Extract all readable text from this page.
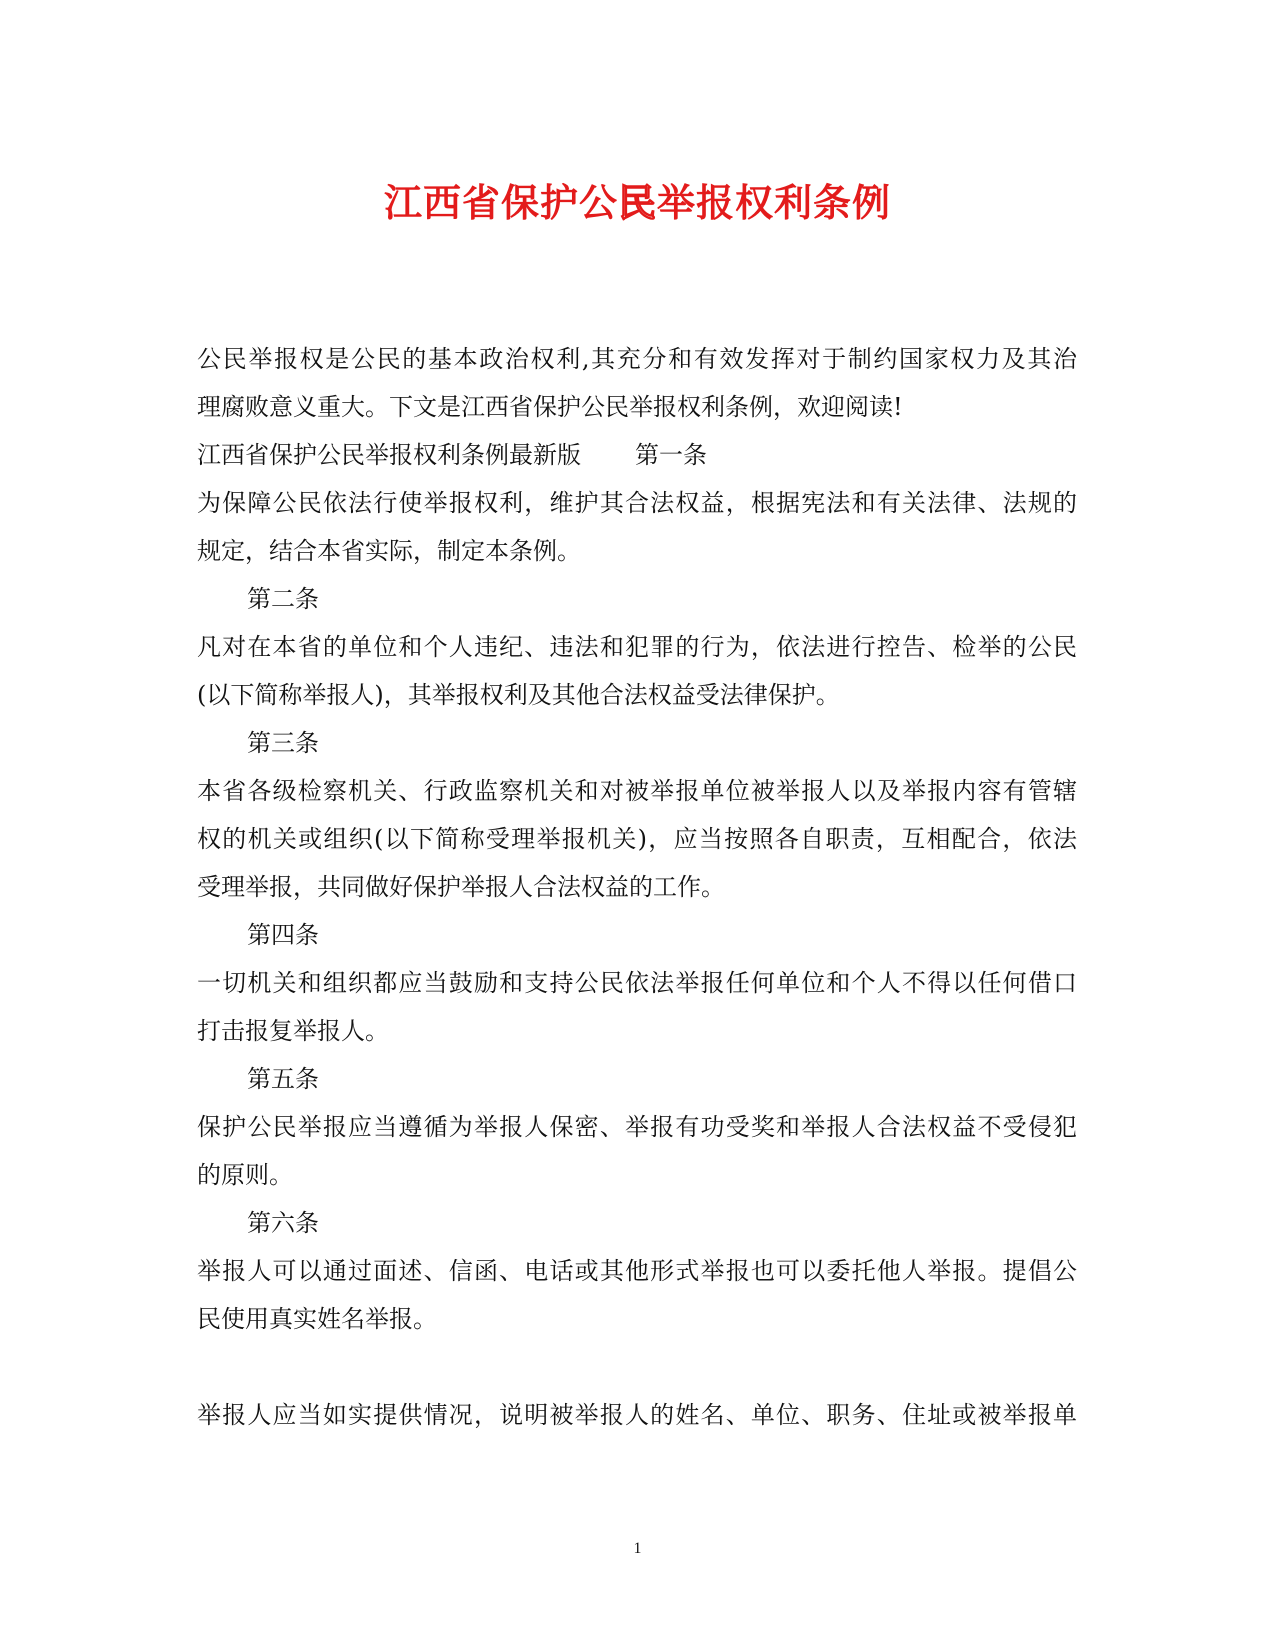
江西省保护公民举报权利条例
公民举报权是公民的基本政治权利,其充分和有效发挥对于制约国家权力及其治
理腐败意义重大。下文是江西省保护公民举报权利条例，欢迎阅读!
江西省保护公民举报权利条例最新版 第一条
为保障公民依法行使举报权利，维护其合法权益，根据宪法和有关法律、法规的
规定，结合本省实际，制定本条例。
第二条
凡对在本省的单位和个人违纪、违法和犯罪的行为，依法进行控告、检举的公民
(以下简称举报人)，其举报权利及其他合法权益受法律保护。
第三条
本省各级检察机关、行政监察机关和对被举报单位被举报人以及举报内容有管辖
权的机关或组织(以下简称受理举报机关)，应当按照各自职责，互相配合，依法
受理举报，共同做好保护举报人合法权益的工作。
第四条
一切机关和组织都应当鼓励和支持公民依法举报任何单位和个人不得以任何借口
打击报复举报人。
第五条
保护公民举报应当遵循为举报人保密、举报有功受奖和举报人合法权益不受侵犯
的原则。
第六条
举报人可以通过面述、信函、电话或其他形式举报也可以委托他人举报。提倡公
民使用真实姓名举报。
举报人应当如实提供情况，说明被举报人的姓名、单位、职务、住址或被举报单
1
